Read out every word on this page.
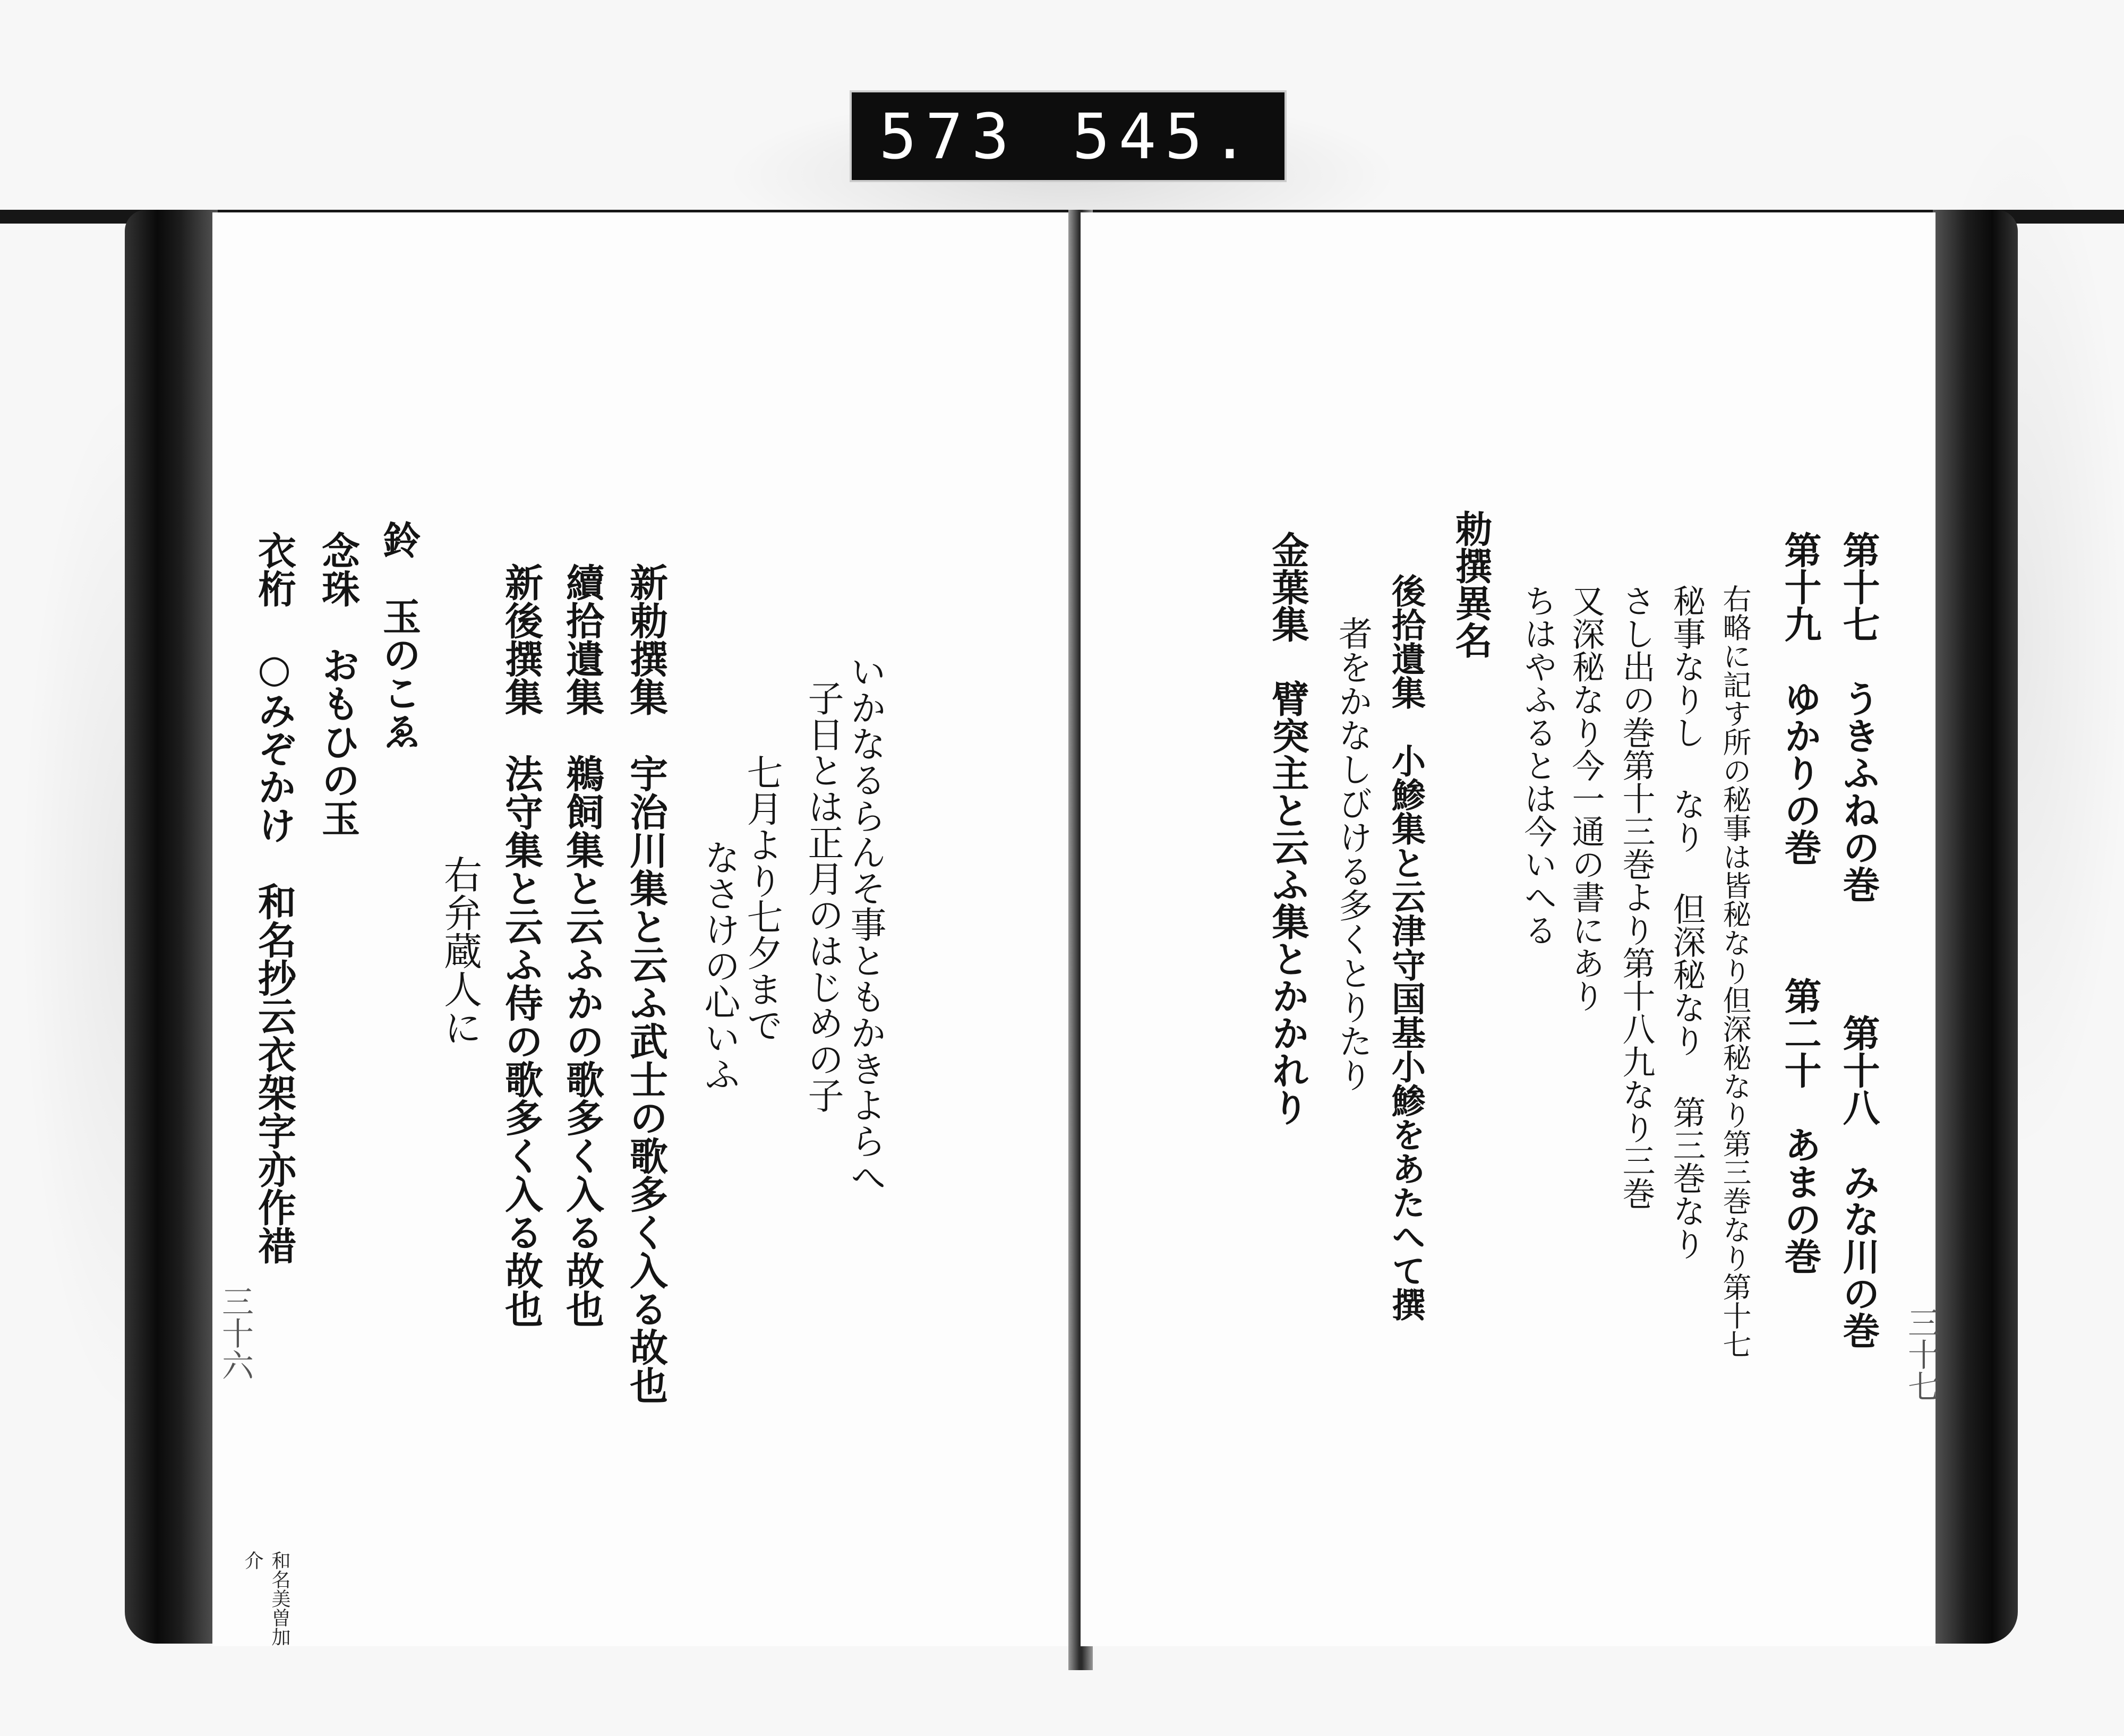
573 545.
三十六
いかなるらんそ事ともかきよらへ
子日とは正月のはじめの子
七月より七夕まで
なさけの心いふ
新勅撰集　宇治川集と云ふ武士の歌多く入る故也
續拾遺集　鵜飼集と云ふかの歌多く入る故也
新後撰集　法守集と云ふ侍の歌多く入る故也
右弁蔵人に
鈴　玉のこゑ
念珠　おもひの玉
衣桁　○みぞかけ　和名抄云衣架字亦作䄍
和名美曽加介
三十七
第十七　うきふねの巻　　　第十八　みな川の巻
第十九　ゆかりの巻　　　第二十　あまの巻
右略に記す所の秘事は皆秘なり但深秘なり第三巻なり第十七
秘事なりし なり 但深秘なり 第三巻なり
さし出の巻第十三巻より第十八九なり三巻
又深秘なり今一通の書にあり
ちはやふるとは今いへる
勅撰異名
後拾遺集　小鯵集と云津守国基小鯵をあたへて撰
者をかなしびける多くとりたり
金葉集　臂突主と云ふ集とかかれり
